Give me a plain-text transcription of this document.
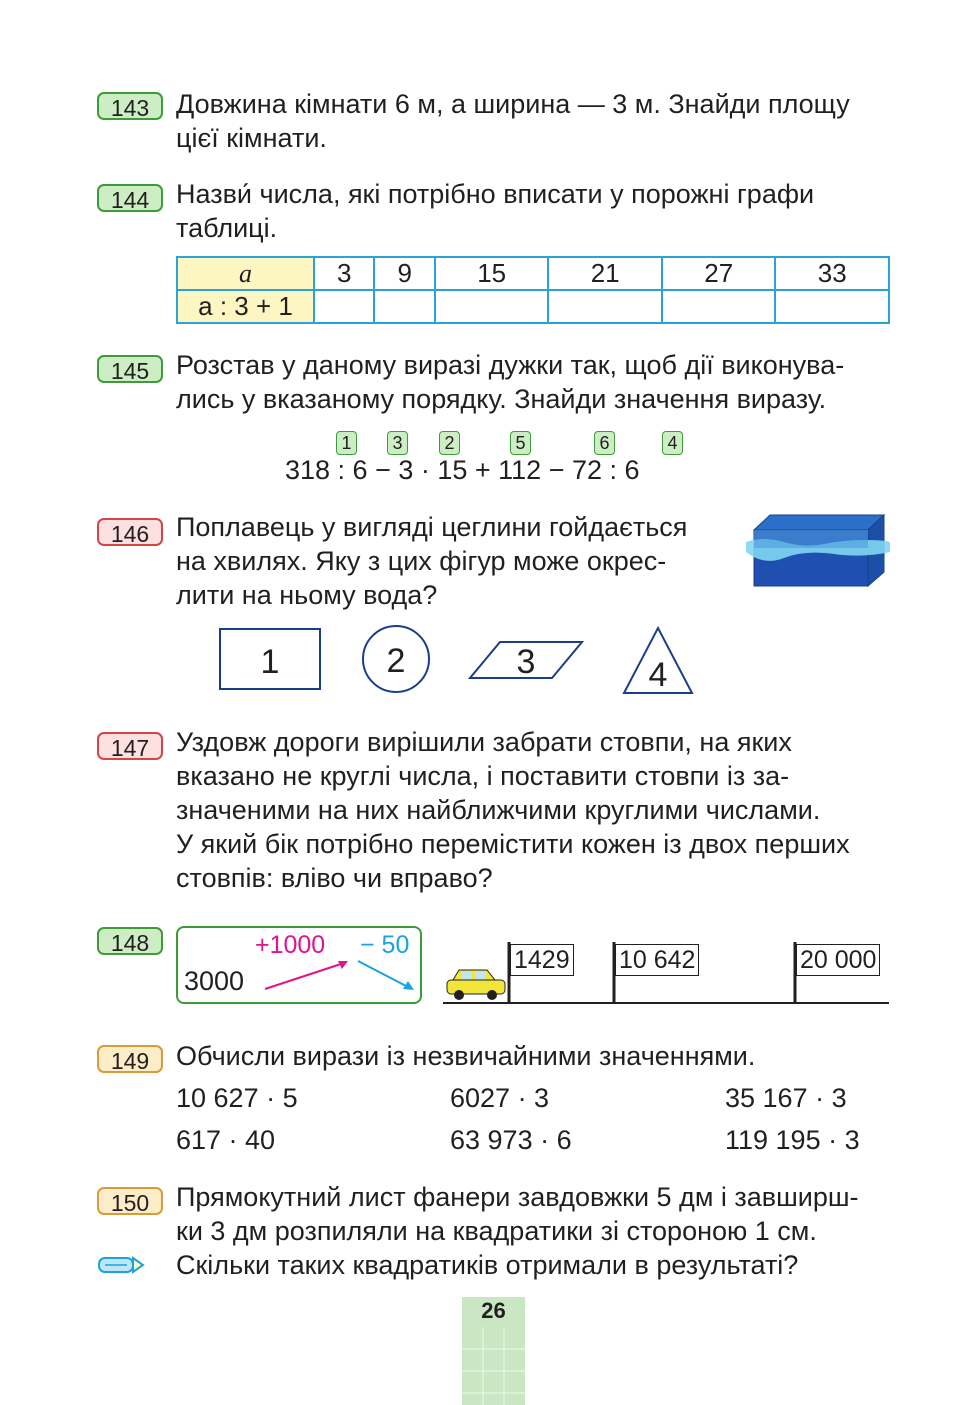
143 Довжина кімнати 6 м, а ширина — 3 м. Знайди площу
цієї кімнати.

144 Назви́ числа, які потрібно вписати у порожні графи
таблиці.

a	3	9	15	21	27	33
a : 3 + 1						
145 Розстав у даному виразі дужки так, щоб дії виконува-
лись у вказаному порядку. Знайди значення виразу.

1	3	2	5	6	4
318 : 6 − 3 · 15 + 112 − 72 : 6
146 Поплавець у вигляді цеглини гойдається
на хвилях. Яку з цих фігур може окрес-
лити на ньому вода?

1	2	3	4
147 Уздовж дороги вирішили забрати стовпи, на яких
вказано не круглі числа, і поставити стовпи із за-
значеними на них найближчими круглими числами.
У який бік потрібно перемістити кожен із двох перших
стовпів: вліво чи вправо?

148
3000
+1000 − 50
1429 10 642	20 000
149 Обчисли вирази із незвичайними значеннями.

10 627 · 5	6027 · 3	35 167 · 3
617 · 40	63 973 · 6	119 195 · 3
150 Прямокутний лист фанери завдовжки 5 дм і завширш-
ки 3 дм розпиляли на квадратики зі стороною 1 см.
Скільки таких квадратиків отримали в результаті?

26
